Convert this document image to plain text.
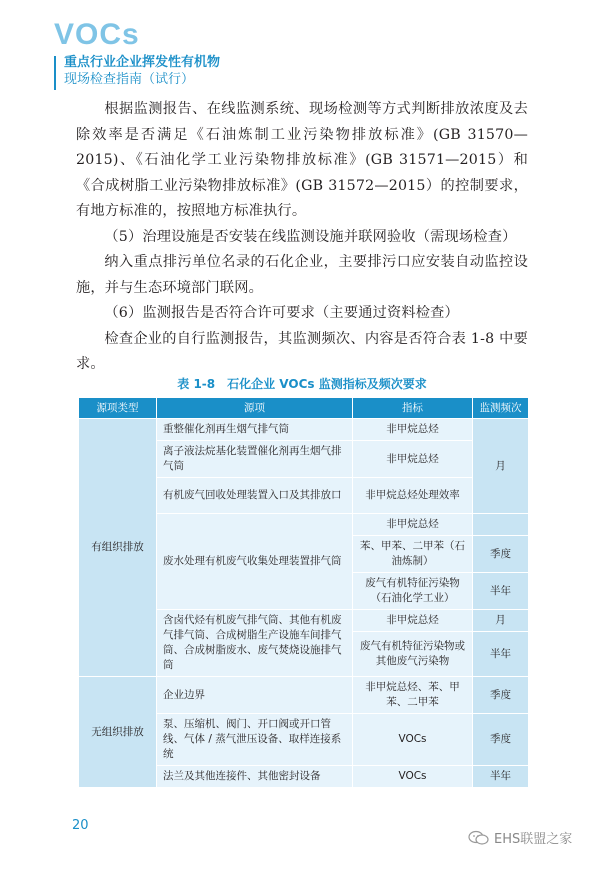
VOCs
重点行业企业挥发性有机物
现场检查指南（试行）

根据监测报告、在线监测系统、现场检测等方式判断排放浓度及去除效率是否满足《石油炼制工业污染物排放标准》(GB 31570—2015)、《石油化学工业污染物排放标准》(GB 31571—2015）和《合成树脂工业污染物排放标准》(GB 31572—2015）的控制要求，有地方标准的，按照地方标准执行。

（5）治理设施是否安装在线监测设施并联网验收（需现场检查）

纳入重点排污单位名录的石化企业，主要排污口应安装自动监控设施，并与生态环境部门联网。

（6）监测报告是否符合许可要求（主要通过资料检查）

检查企业的自行监测报告，其监测频次、内容是否符合表 1-8 中要求。

表 1-8　石化企业 VOCs 监测指标及频次要求
源项类型	源项	指标	监测频次
有组织排放	重整催化剂再生烟气排气筒	非甲烷总烃	月
	离子液法烷基化装置催化剂再生烟气排气筒	非甲烷总烃	
	有机废气回收处理装置入口及其排放口	非甲烷总烃处理效率	
	废水处理有机废气收集处理装置排气筒	非甲烷总烃	
		苯、甲苯、二甲苯（石油炼制）	季度
		废气有机特征污染物（石油化学工业）	半年
	含卤代烃有机废气排气筒、其他有机废气排气筒、合成树脂生产设施车间排气筒、合成树脂废水、废气焚烧设施排气筒	非甲烷总烃	月
		废气有机特征污染物或其他废气污染物	半年
无组织排放	企业边界	非甲烷总烃、苯、甲苯、二甲苯	季度
	泵、压缩机、阀门、开口阀或开口管线、气体 / 蒸气泄压设备、取样连接系统	VOCs	季度
	法兰及其他连接件、其他密封设备	VOCs	半年
20
EHS联盟之家
